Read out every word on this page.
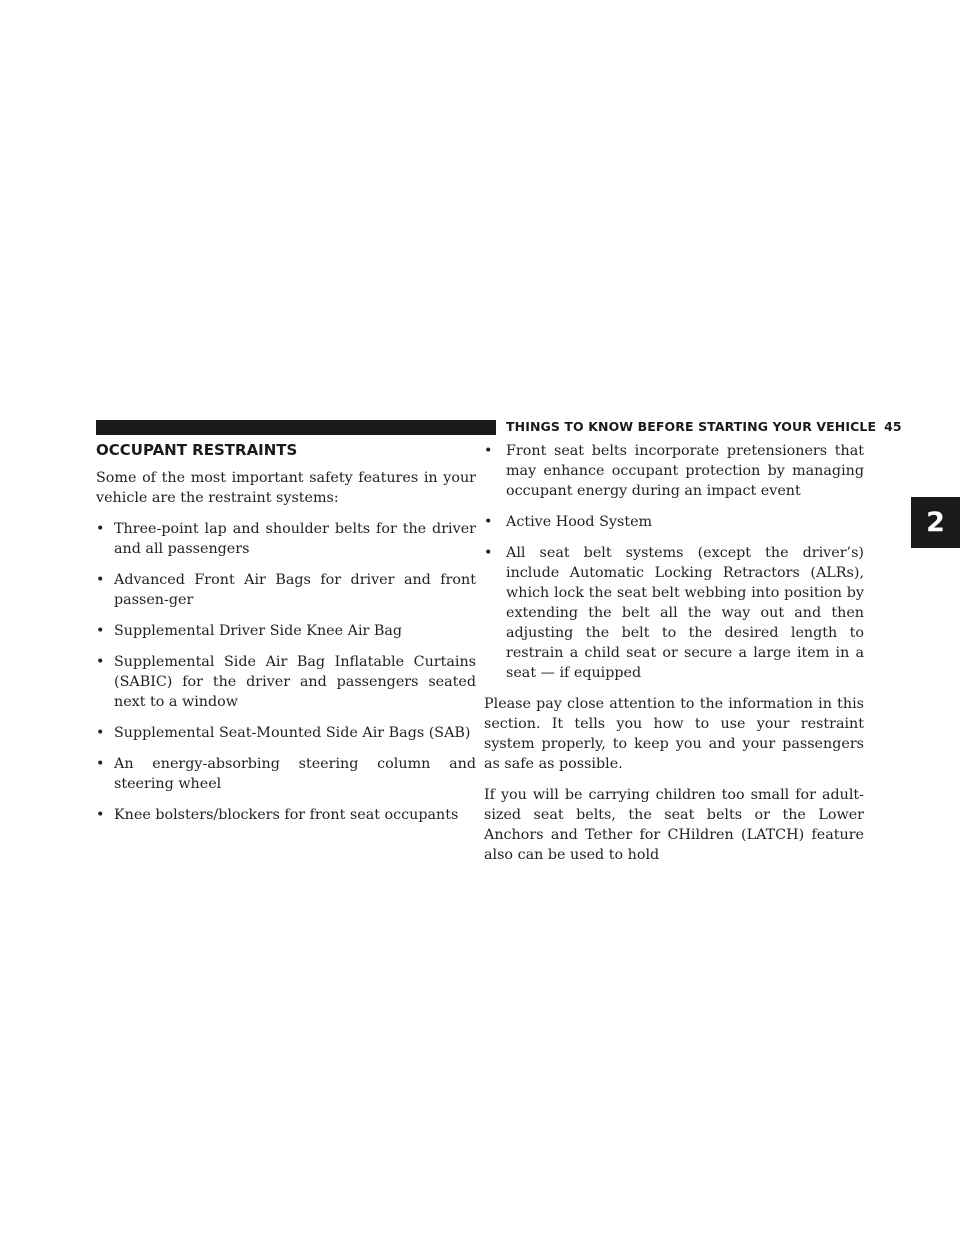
THINGS TO KNOW BEFORE STARTING YOUR VEHICLE 45
2
OCCUPANT RESTRAINTS

Some of the most important safety features in your vehicle are the restraint systems:

• Three-point lap and shoulder belts for the driver and all passengers
• Advanced Front Air Bags for driver and front passen-ger
• Supplemental Driver Side Knee Air Bag
• Supplemental Side Air Bag Inflatable Curtains (SABIC) for the driver and passengers seated next to a window
• Supplemental Seat-Mounted Side Air Bags (SAB)
• An energy-absorbing steering column and steering wheel
• Knee bolsters/blockers for front seat occupants
• Front seat belts incorporate pretensioners that may enhance occupant protection by managing occupant energy during an impact event
• Active Hood System
• All seat belt systems (except the driver’s) include Automatic Locking Retractors (ALRs), which lock the seat belt webbing into position by extending the belt all the way out and then adjusting the belt to the desired length to restrain a child seat or secure a large item in a seat — if equipped

Please pay close attention to the information in this section. It tells you how to use your restraint system properly, to keep you and your passengers as safe as possible.

If you will be carrying children too small for adult-sized seat belts, the seat belts or the Lower Anchors and Tether for CHildren (LATCH) feature also can be used to hold
